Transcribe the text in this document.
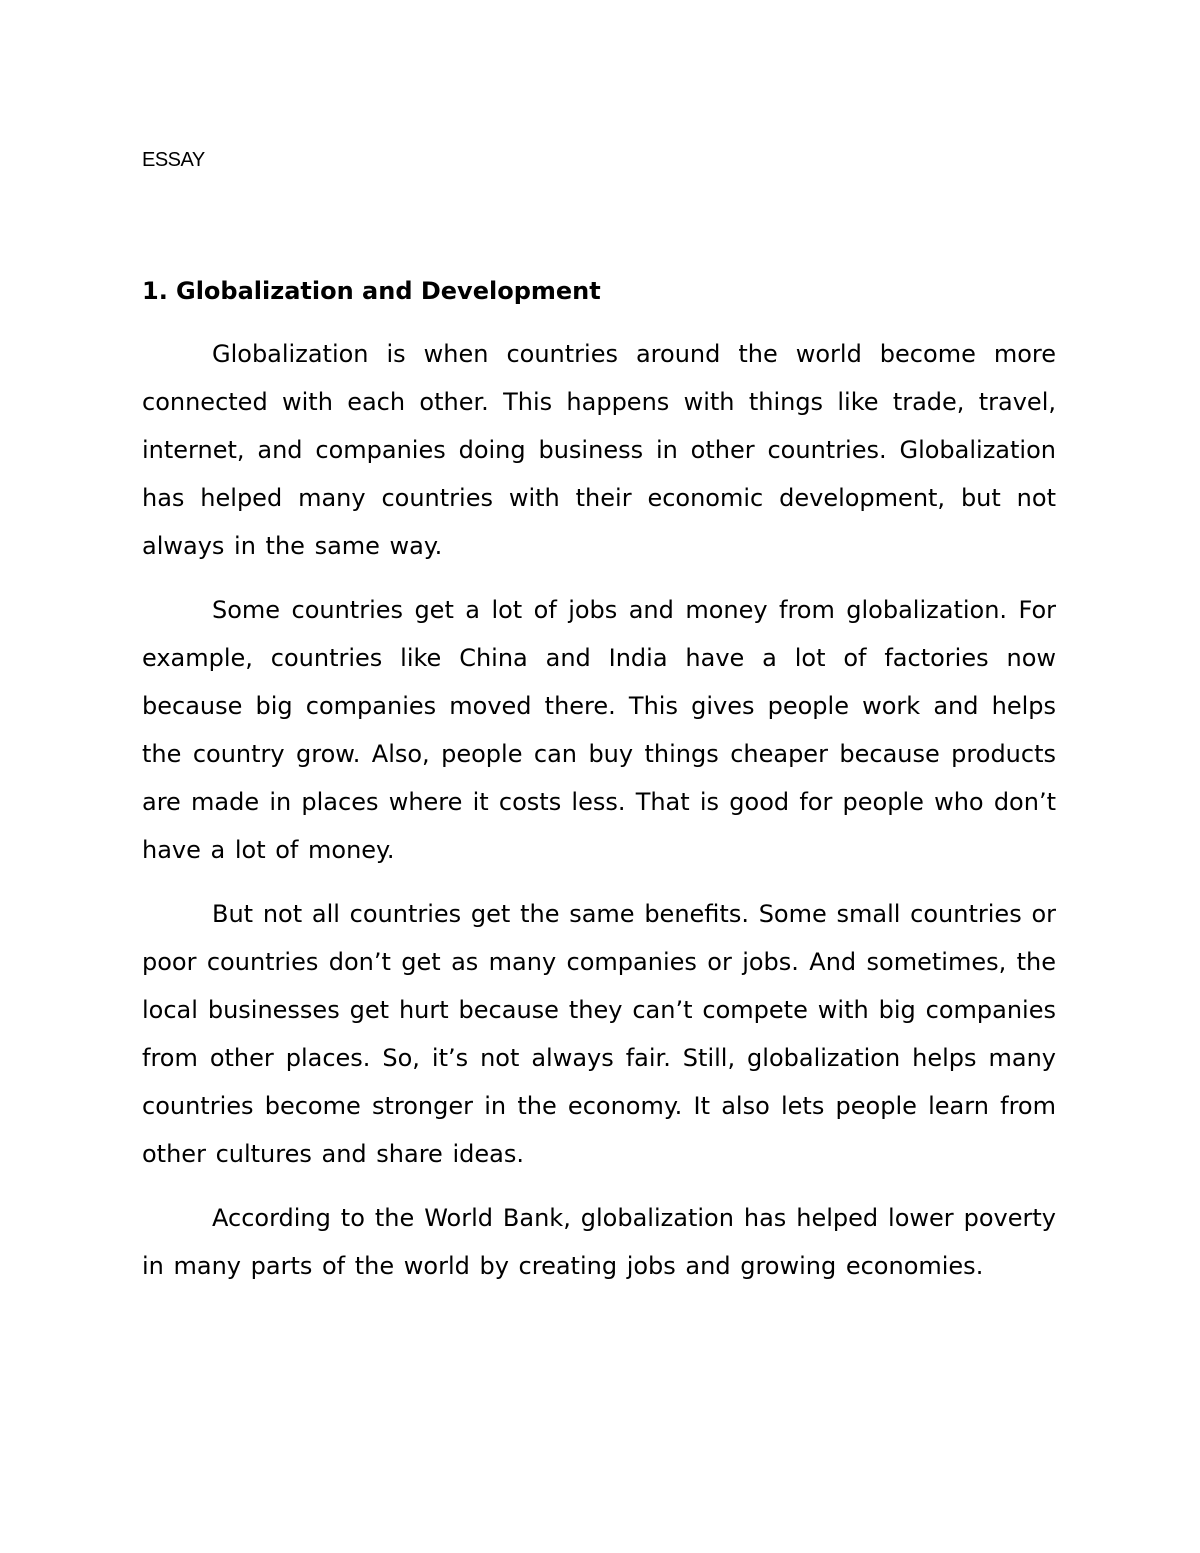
ESSAY

1. Globalization and Development

Globalization is when countries around the world become more connected with each other. This happens with things like trade, travel, internet, and companies doing business in other countries. Globalization has helped many countries with their economic development, but not always in the same way.

Some countries get a lot of jobs and money from globalization. For example, countries like China and India have a lot of factories now because big companies moved there. This gives people work and helps the country grow. Also, people can buy things cheaper because products are made in places where it costs less. That is good for people who don’t have a lot of money.

But not all countries get the same benefits. Some small countries or poor countries don’t get as many companies or jobs. And sometimes, the local businesses get hurt because they can’t compete with big companies from other places. So, it’s not always fair. Still, globalization helps many countries become stronger in the economy. It also lets people learn from other cultures and share ideas.

According to the World Bank, globalization has helped lower poverty in many parts of the world by creating jobs and growing economies.
